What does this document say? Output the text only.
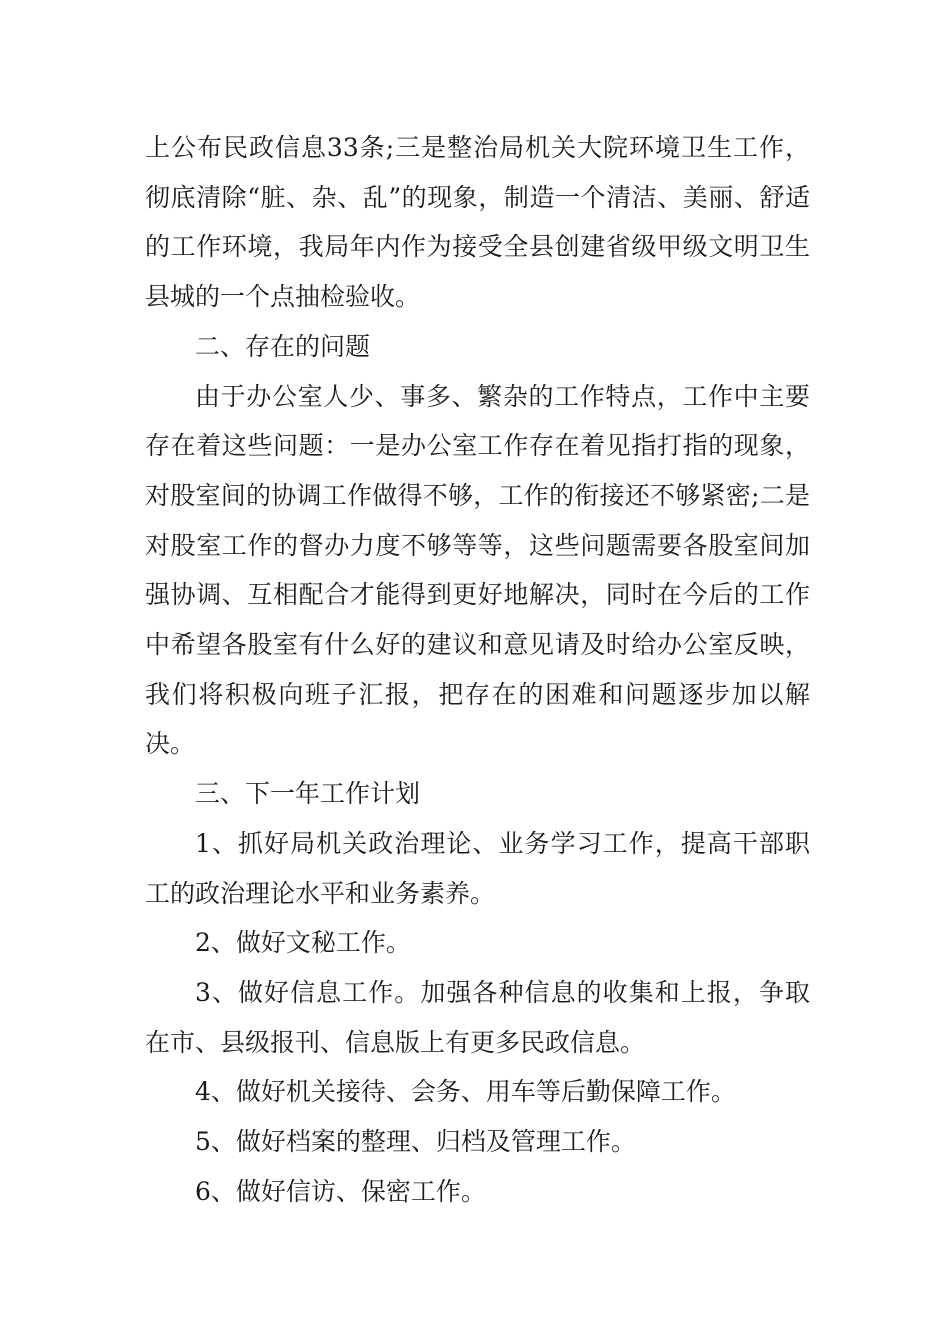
上公布民政信息33条;三是整治局机关大院环境卫生工作，彻底清除“脏、杂、乱”的现象，制造一个清洁、美丽、舒适的工作环境，我局年内作为接受全县创建省级甲级文明卫生县城的一个点抽检验收。

二、存在的问题

由于办公室人少、事多、繁杂的工作特点，工作中主要存在着这些问题：一是办公室工作存在着见指打指的现象，对股室间的协调工作做得不够，工作的衔接还不够紧密;二是对股室工作的督办力度不够等等，这些问题需要各股室间加强协调、互相配合才能得到更好地解决，同时在今后的工作中希望各股室有什么好的建议和意见请及时给办公室反映，我们将积极向班子汇报，把存在的困难和问题逐步加以解决。

三、下一年工作计划

1、抓好局机关政治理论、业务学习工作，提高干部职工的政治理论水平和业务素养。

2、做好文秘工作。

3、做好信息工作。加强各种信息的收集和上报，争取在市、县级报刊、信息版上有更多民政信息。

4、做好机关接待、会务、用车等后勤保障工作。

5、做好档案的整理、归档及管理工作。

6、做好信访、保密工作。
